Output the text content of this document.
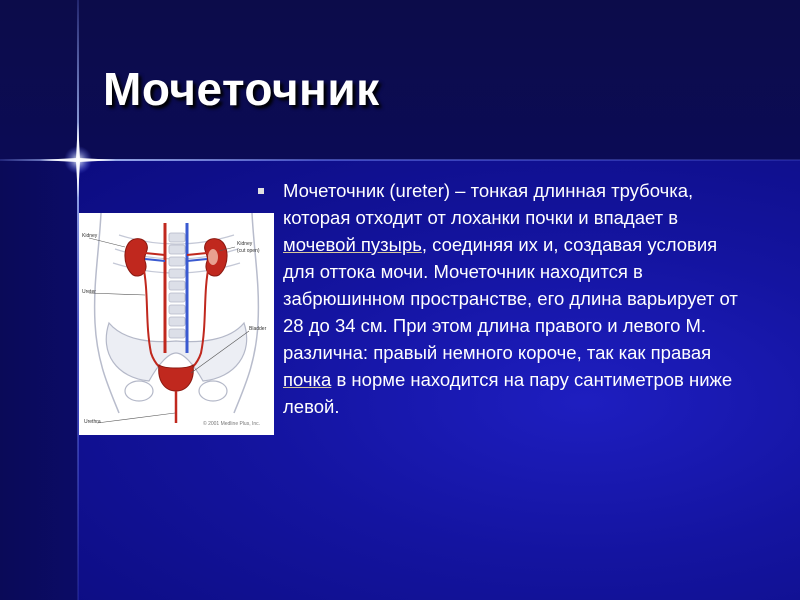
Мочеточник
Kidney
Ureter
Kidney
(cut open)
Bladder
Urethra	© 2001 Medline Plus, Inc.

Мочеточник (ureter) – тонкая длинная трубочка, которая отходит от лоханки почки и впадает в мочевой пузырь, соединяя их и, создавая условия для оттока мочи. Мочеточник находится в забрюшинном пространстве, его длина варьирует от 28 до 34 см. При этом длина правого и левого М. различна: правый немного короче, так как правая почка в норме находится на пару сантиметров ниже левой.
